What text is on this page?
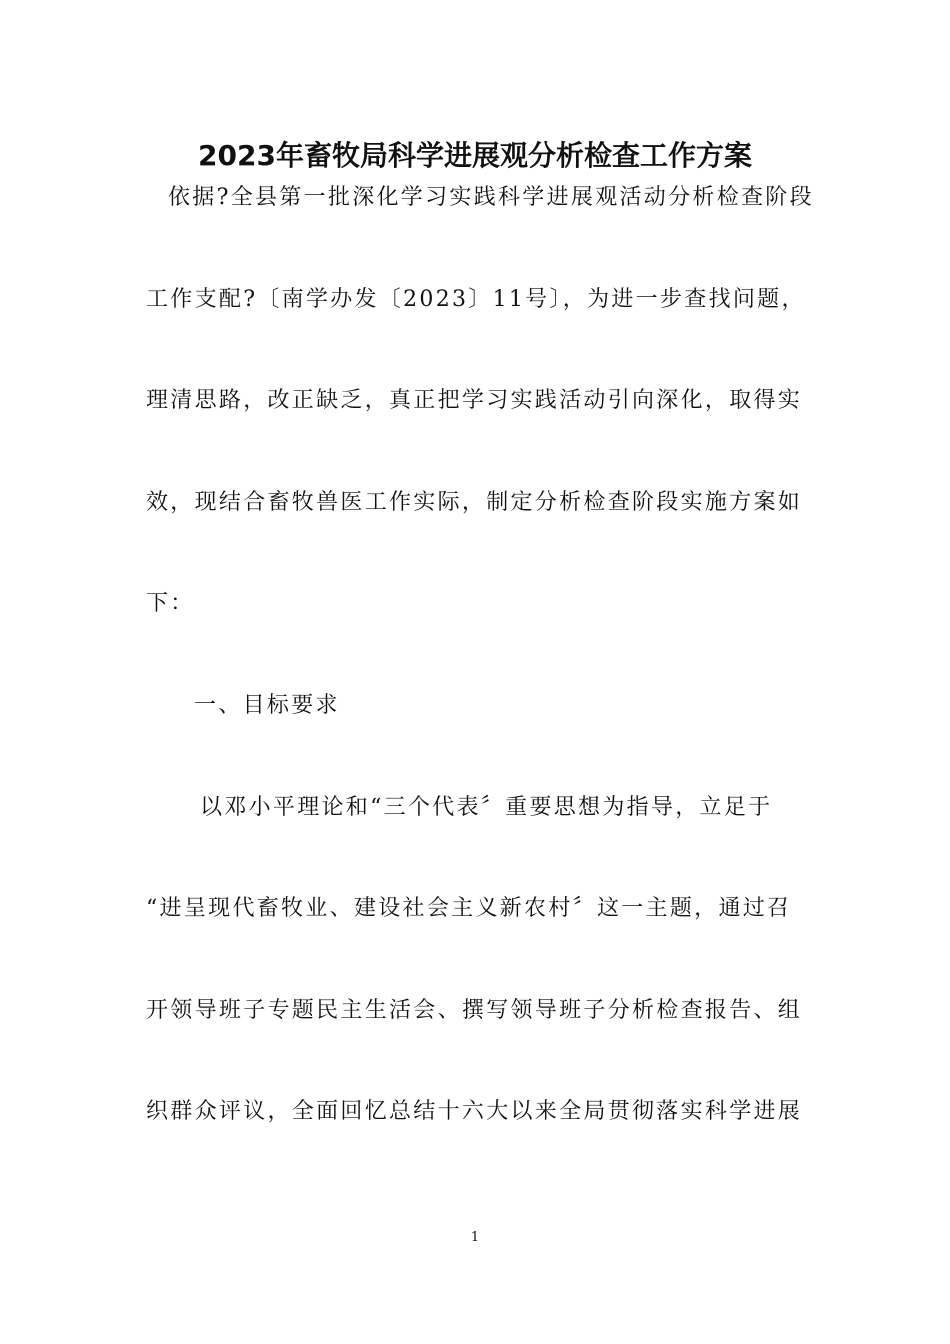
2023年畜牧局科学进展观分析检查工作方案
依据?全县第一批深化学习实践科学进展观活动分析检查阶段
工作支配?〔南学办发〔2023〕11号〕，为进一步查找问题，
理清思路，改正缺乏，真正把学习实践活动引向深化，取得实
效，现结合畜牧兽医工作实际，制定分析检查阶段实施方案如
下：
一、目标要求
以邓小平理论和“三个代表〞重要思想为指导，立足于
“进呈现代畜牧业、建设社会主义新农村〞这一主题，通过召
开领导班子专题民主生活会、撰写领导班子分析检查报告、组
织群众评议，全面回忆总结十六大以来全局贯彻落实科学进展
1
